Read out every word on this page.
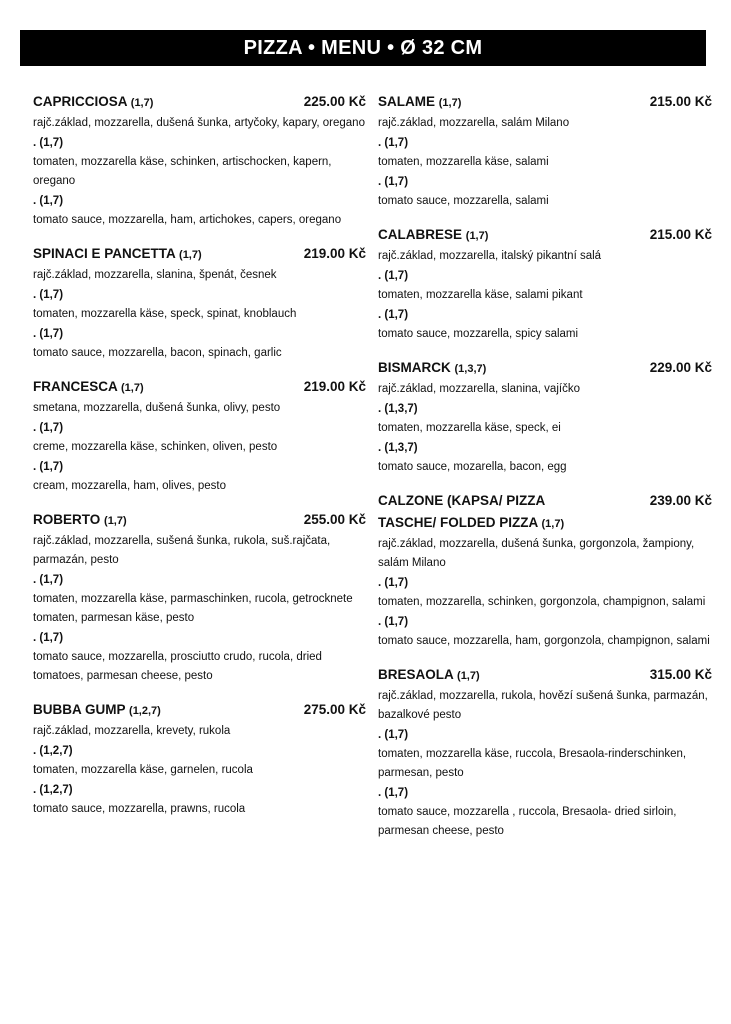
PIZZA • MENU • Ø 32 CM
CAPRICCIOSA (1,7)	225.00 Kč

rajč.základ, mozzarella, dušená šunka, artyčoky, kapary, oregano

. (1,7)

tomaten, mozzarella käse, schinken, artischocken, kapern, oregano

. (1,7)

tomato sauce, mozzarella, ham, artichokes, capers, oregano

SPINACI E PANCETTA (1,7)	219.00 Kč

rajč.základ, mozzarella, slanina, špenát, česnek

. (1,7)

tomaten, mozzarella käse, speck, spinat, knoblauch

. (1,7)

tomato sauce, mozzarella, bacon, spinach, garlic

FRANCESCA (1,7)	219.00 Kč

smetana, mozzarella, dušená šunka, olivy, pesto

. (1,7)

creme, mozzarella käse, schinken, oliven, pesto

. (1,7)

cream, mozzarella, ham, olives, pesto

ROBERTO (1,7)	255.00 Kč

rajč.základ, mozzarella, sušená šunka, rukola, suš.rajčata, parmazán, pesto

. (1,7)

tomaten, mozzarella käse, parmaschinken, rucola, getrocknete tomaten, parmesan käse, pesto

. (1,7)

tomato sauce, mozzarella, prosciutto crudo, rucola, dried tomatoes, parmesan cheese, pesto

BUBBA GUMP (1,2,7)	275.00 Kč

rajč.základ, mozzarella, krevety, rukola

. (1,2,7)

tomaten, mozzarella käse, garnelen, rucola

. (1,2,7)

tomato sauce, mozzarella, prawns, rucola

SALAME (1,7)	215.00 Kč

rajč.základ, mozzarella, salám Milano

. (1,7)

tomaten, mozzarella käse, salami

. (1,7)

tomato sauce, mozzarella, salami

CALABRESE (1,7)	215.00 Kč

rajč.základ, mozzarella, italský pikantní salá

. (1,7)

tomaten, mozzarella käse, salami pikant

. (1,7)

tomato sauce, mozzarella, spicy salami

BISMARCK (1,3,7)	229.00 Kč

rajč.základ, mozzarella, slanina, vajíčko

. (1,3,7)

tomaten, mozzarella käse, speck, ei

. (1,3,7)

tomato sauce, mozarella, bacon, egg

CALZONE (KAPSA/ PIZZA TASCHE/ FOLDED PIZZA (1,7)
239.00 Kč

rajč.základ, mozzarella, dušená šunka, gorgonzola, žampiony, salám Milano

. (1,7)

tomaten, mozzarella, schinken, gorgonzola, champignon, salami

. (1,7)

tomato sauce, mozzarella, ham, gorgonzola, champignon, salami

BRESAOLA (1,7)	315.00 Kč

rajč.základ, mozzarella, rukola, hovězí sušená šunka, parmazán, bazalkové pesto

. (1,7)

tomaten, mozzarella käse, ruccola, Bresaola-rinderschinken, parmesan, pesto

. (1,7)

tomato sauce, mozzarella , ruccola, Bresaola- dried sirloin, parmesan cheese, pesto
